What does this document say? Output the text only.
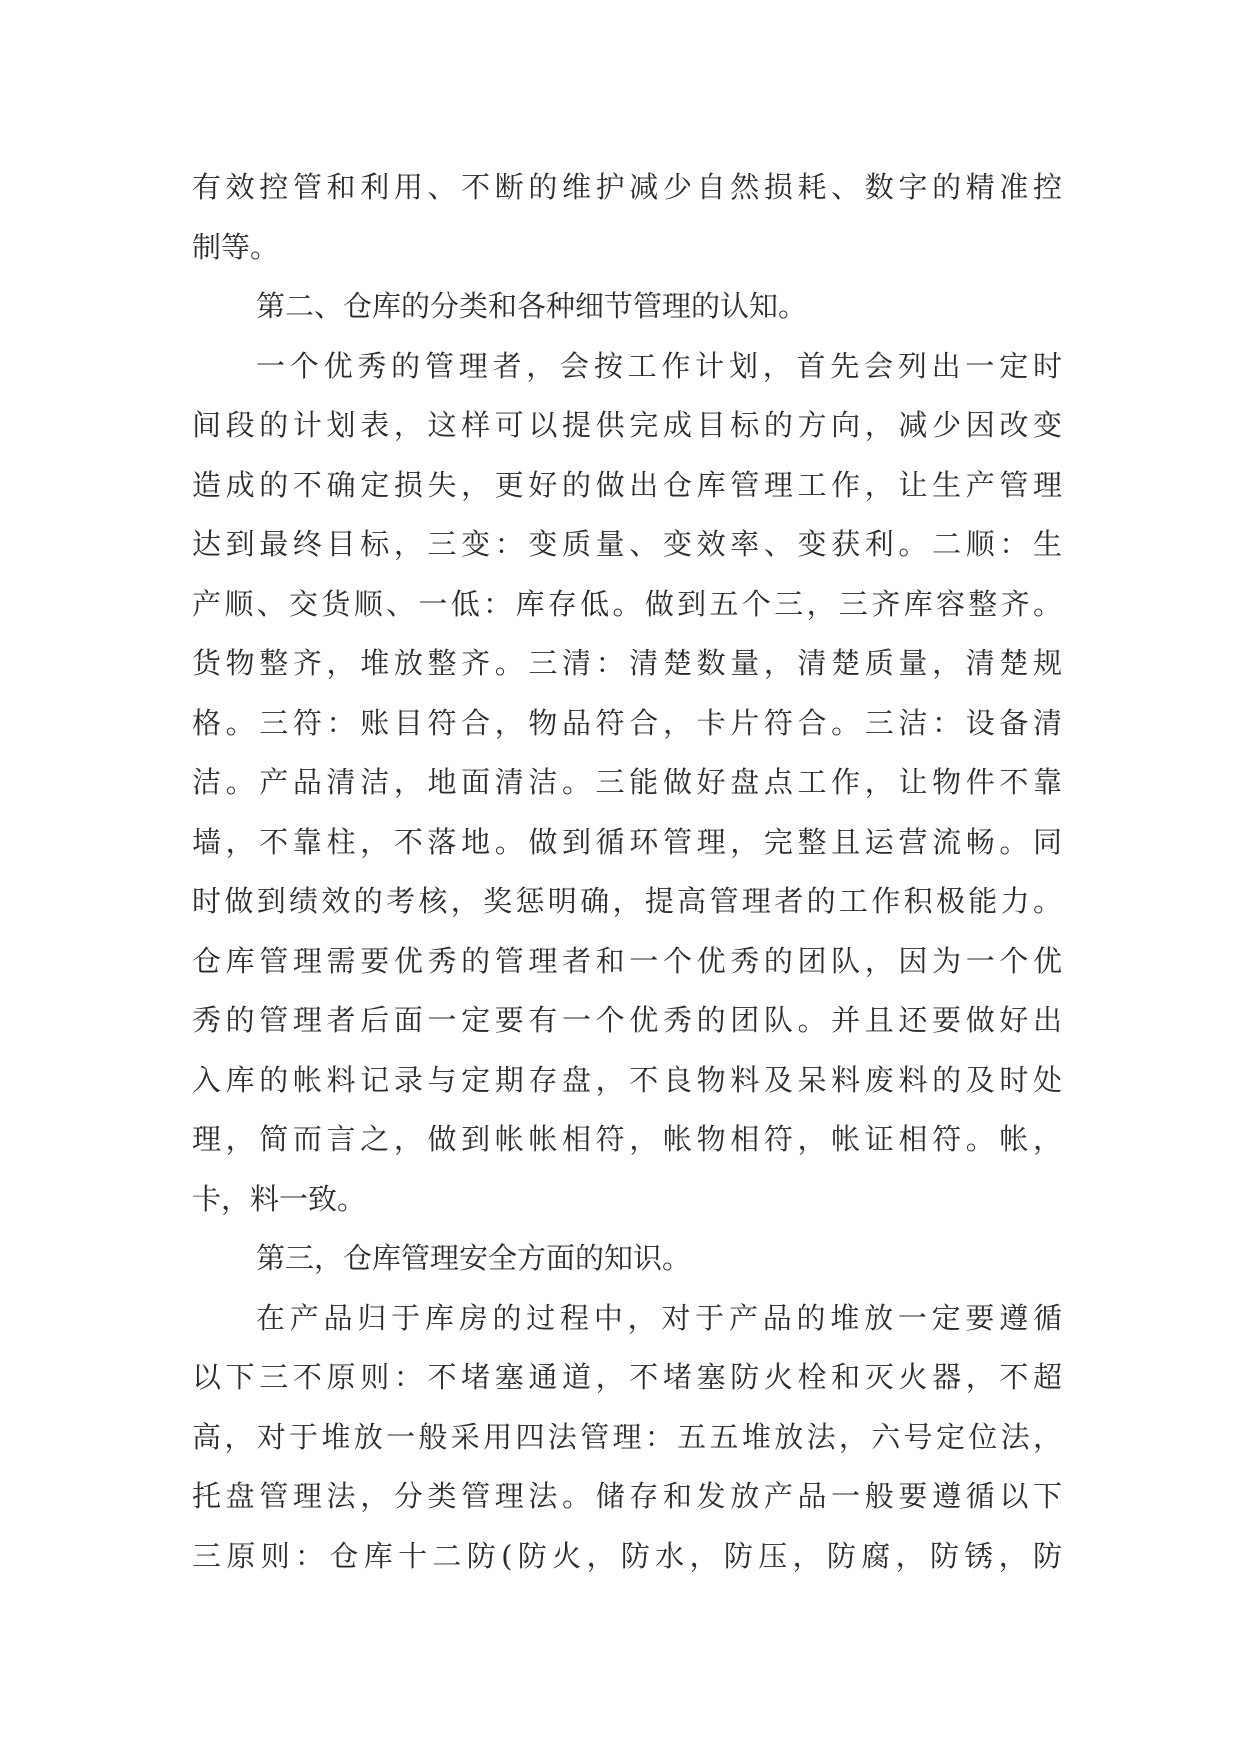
有效控管和利用、不断的维护减少自然损耗、数字的精准控
制等。
第二、仓库的分类和各种细节管理的认知。
一个优秀的管理者，会按工作计划，首先会列出一定时
间段的计划表，这样可以提供完成目标的方向，减少因改变
造成的不确定损失，更好的做出仓库管理工作，让生产管理
达到最终目标，三变：变质量、变效率、变获利。二顺：生
产顺、交货顺、一低：库存低。做到五个三，三齐库容整齐。
货物整齐，堆放整齐。三清：清楚数量，清楚质量，清楚规
格。三符：账目符合，物品符合，卡片符合。三洁：设备清
洁。产品清洁，地面清洁。三能做好盘点工作，让物件不靠
墙，不靠柱，不落地。做到循环管理，完整且运营流畅。同
时做到绩效的考核，奖惩明确，提高管理者的工作积极能力。
仓库管理需要优秀的管理者和一个优秀的团队，因为一个优
秀的管理者后面一定要有一个优秀的团队。并且还要做好出
入库的帐料记录与定期存盘，不良物料及呆料废料的及时处
理，简而言之，做到帐帐相符，帐物相符，帐证相符。帐，
卡，料一致。
第三，仓库管理安全方面的知识。
在产品归于库房的过程中，对于产品的堆放一定要遵循
以下三不原则：不堵塞通道，不堵塞防火栓和灭火器，不超
高，对于堆放一般采用四法管理：五五堆放法，六号定位法，
托盘管理法，分类管理法。储存和发放产品一般要遵循以下
三原则：仓库十二防(防火，防水，防压，防腐，防锈，防
